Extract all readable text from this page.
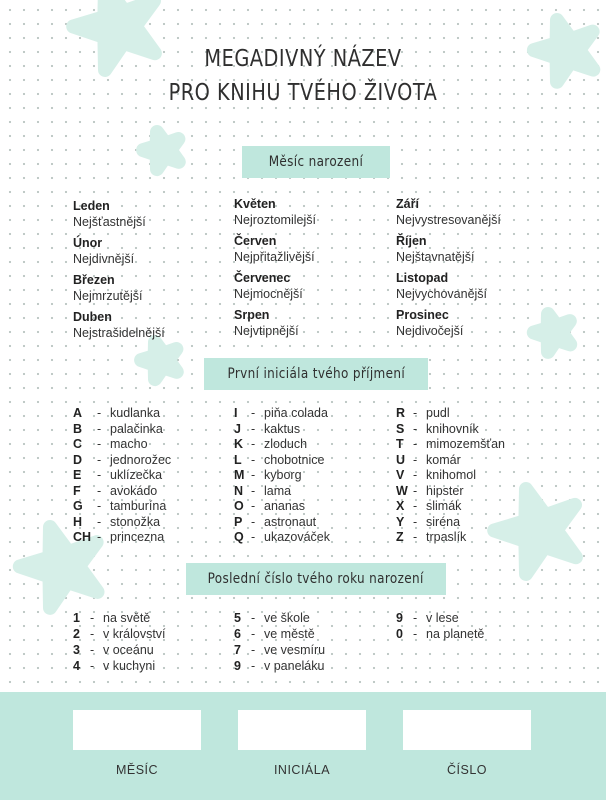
MEGADIVNÝ NÁZEV
PRO KNIHU TVÉHO ŽIVOTA
Měsíc narození
Leden
Nejšťastnější
Únor
Nejdivnější
Březen
Nejmrzutější
Duben
Nejstrašidelnější
Květen
Nejroztomilejší
Červen
Nejpřitažlivější
Červenec
Nejmocnější
Srpen
Nejvtipnější
Září
Nejvystresovanější
Říjen
Nejštavnatější
Listopad
Nejvychovanější
Prosinec
Nejdivočejší
První iniciála tvého příjmení
A - kudlanka
B - palačinka
C - macho
D - jednorožec
E - uklízečka
F - avokádo
G - tamburína
H - stonožka
CH - princezna
I - piňa colada
J - kaktus
K - zloduch
L - chobotnice
M - kyborg
N - lama
O - ananas
P - astronaut
Q - ukazováček
R - pudl
S - knihovník
T - mimozemšťan
U - komár
V - knihomol
W - hipster
X - slimák
Y - siréna
Z - trpaslík
Poslední číslo tvého roku narození
1 - na světě
2 - v království
3 - v oceánu
4 - v kuchyni
5 - ve škole
6 - ve městě
7 - ve vesmíru
9 - v paneláku
9 - v lese
0 - na planetě
MĚSÍC	INICIÁLA	ČÍSLO
